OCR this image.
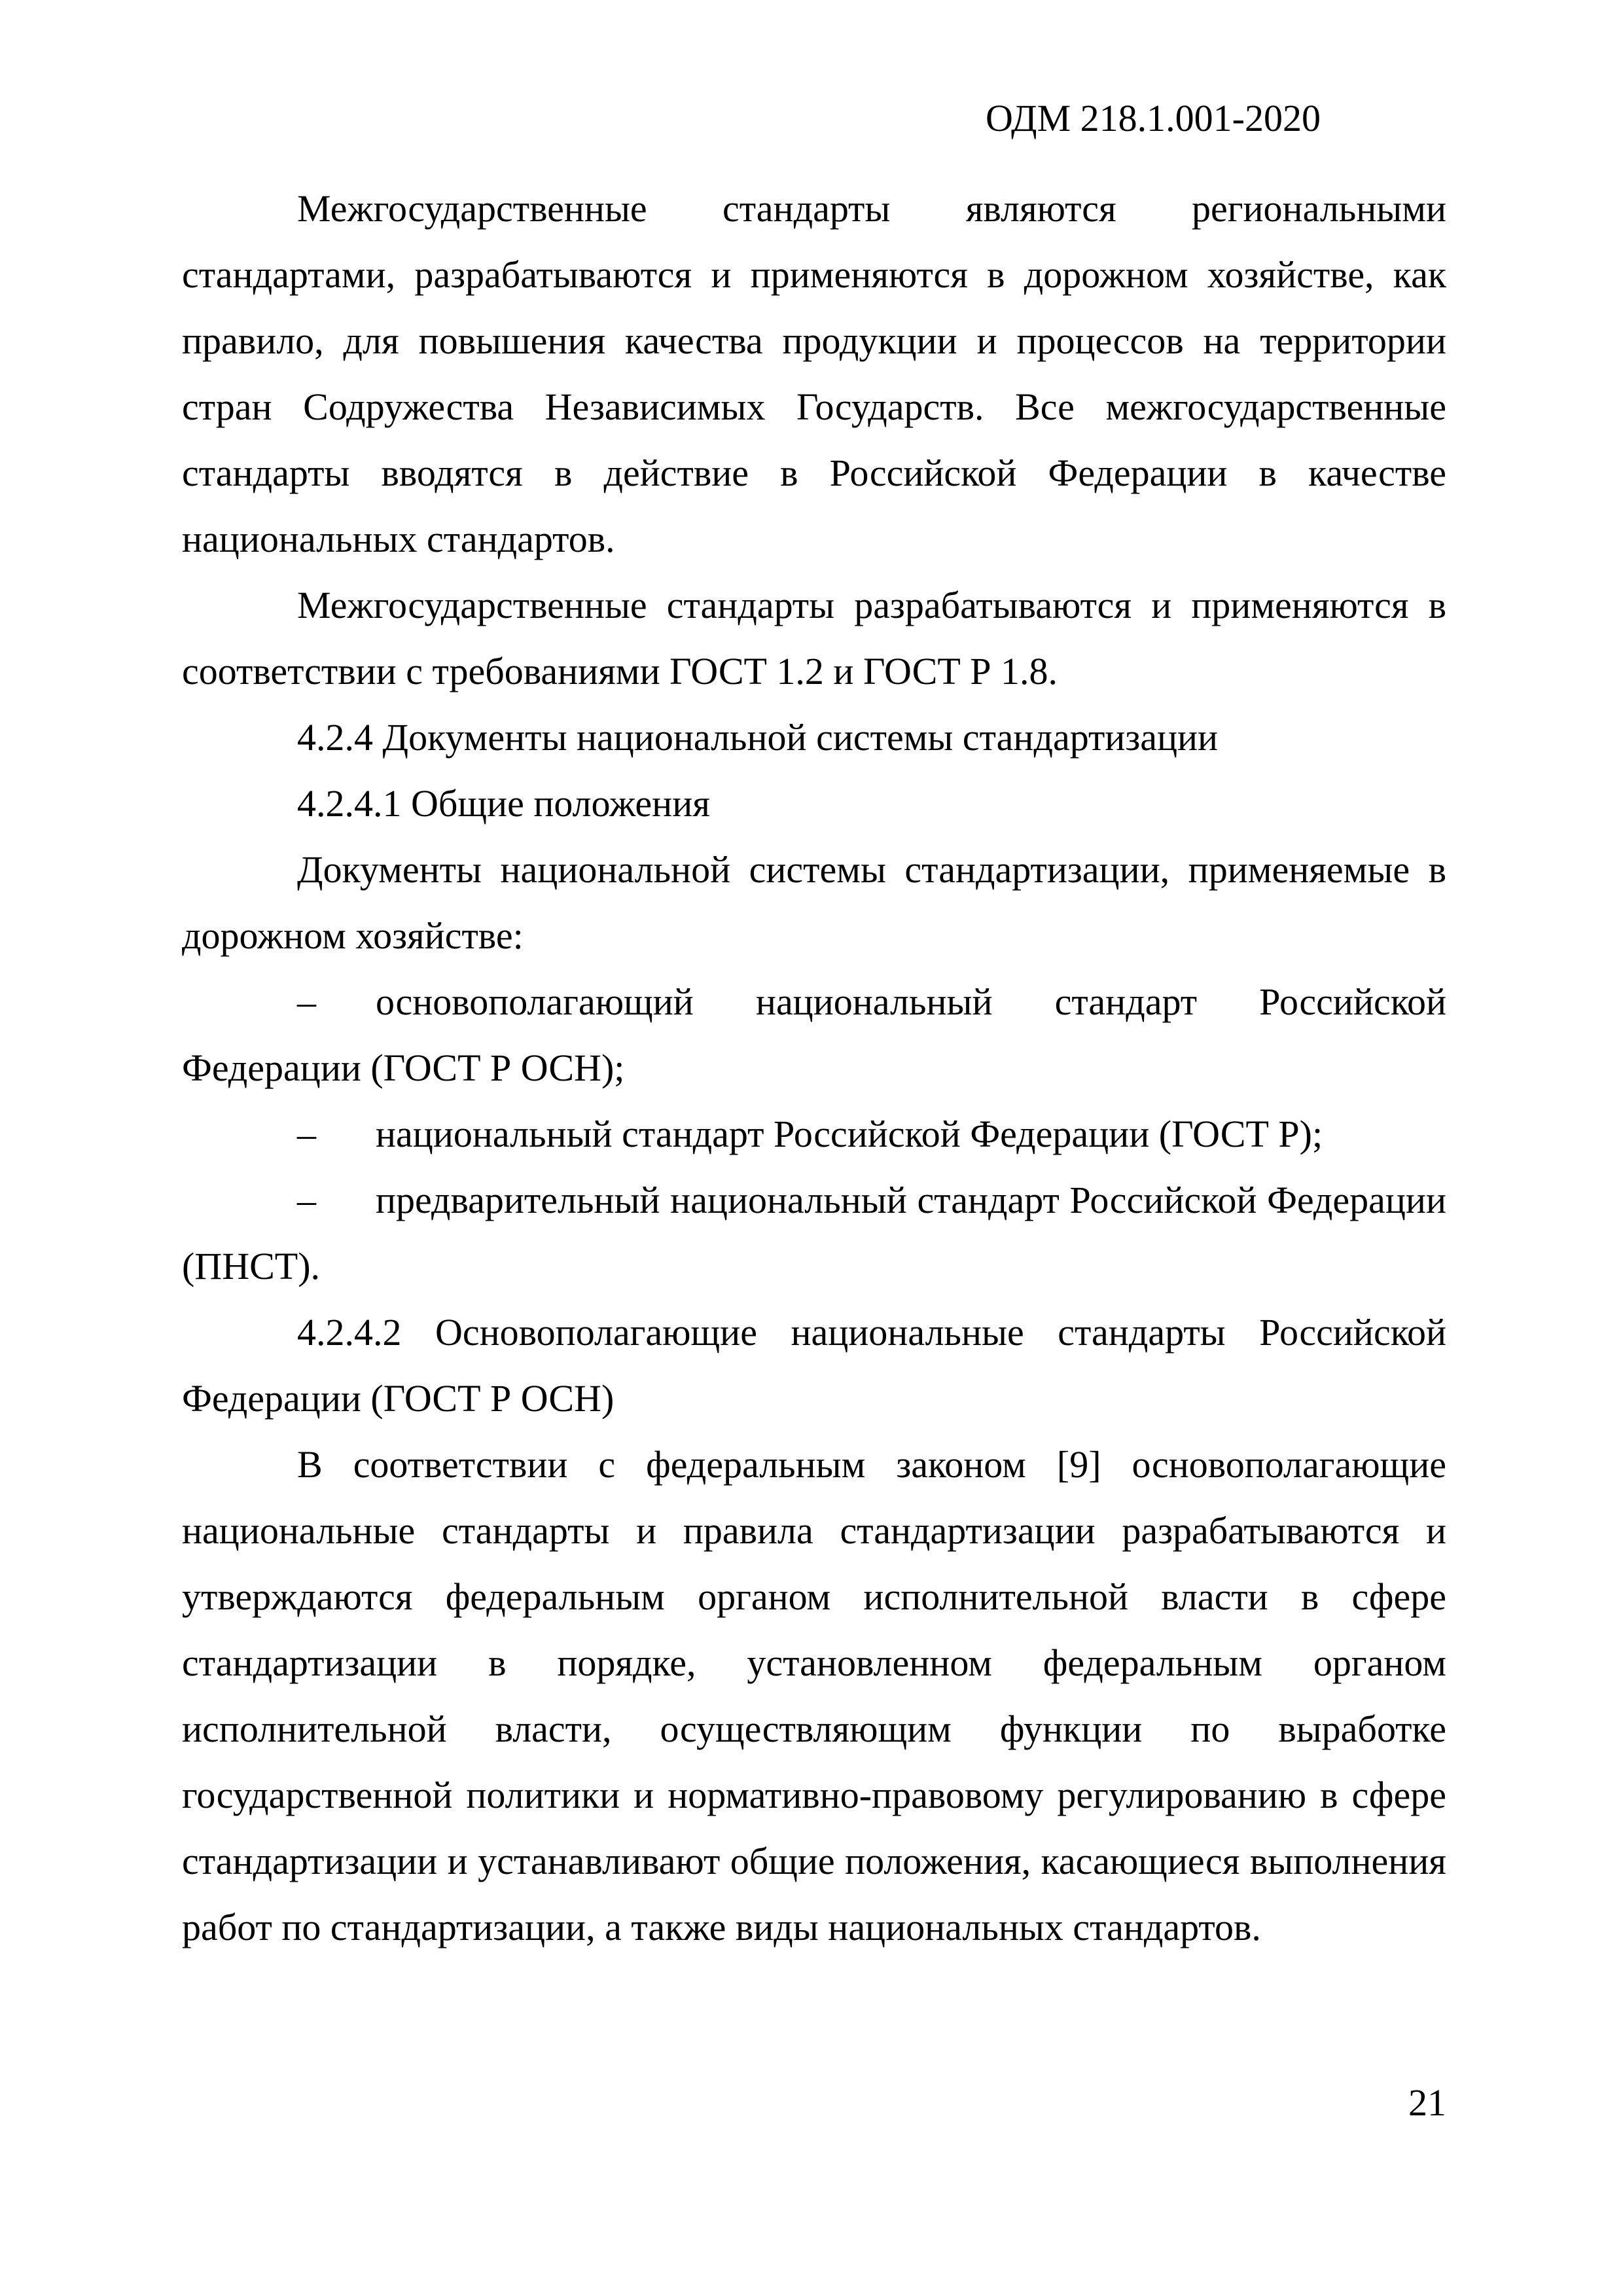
ОДМ 218.1.001-2020

Межгосударственные стандарты являются региональными стандартами, разрабатываются и применяются в дорожном хозяйстве, как правило, для повышения качества продукции и процессов на территории стран Содружества Независимых Государств. Все межгосударственные стандарты вводятся в действие в Российской Федерации в качестве национальных стандартов.

Межгосударственные стандарты разрабатываются и применяются в соответствии с требованиями ГОСТ 1.2 и ГОСТ Р 1.8.

4.2.4 Документы национальной системы стандартизации

4.2.4.1 Общие положения

Документы национальной системы стандартизации, применяемые в дорожном хозяйстве:

– основополагающий национальный стандарт Российской Федерации (ГОСТ Р ОСН);

– национальный стандарт Российской Федерации (ГОСТ Р);

– предварительный национальный стандарт Российской Федерации (ПНСТ).

4.2.4.2 Основополагающие национальные стандарты Российской Федерации (ГОСТ Р ОСН)

В соответствии с федеральным законом [9] основополагающие национальные стандарты и правила стандартизации разрабатываются и утверждаются федеральным органом исполнительной власти в сфере стандартизации в порядке, установленном федеральным органом исполнительной власти, осуществляющим функции по выработке государственной политики и нормативно-правовому регулированию в сфере стандартизации и устанавливают общие положения, касающиеся выполнения работ по стандартизации, а также виды национальных стандартов.

21
